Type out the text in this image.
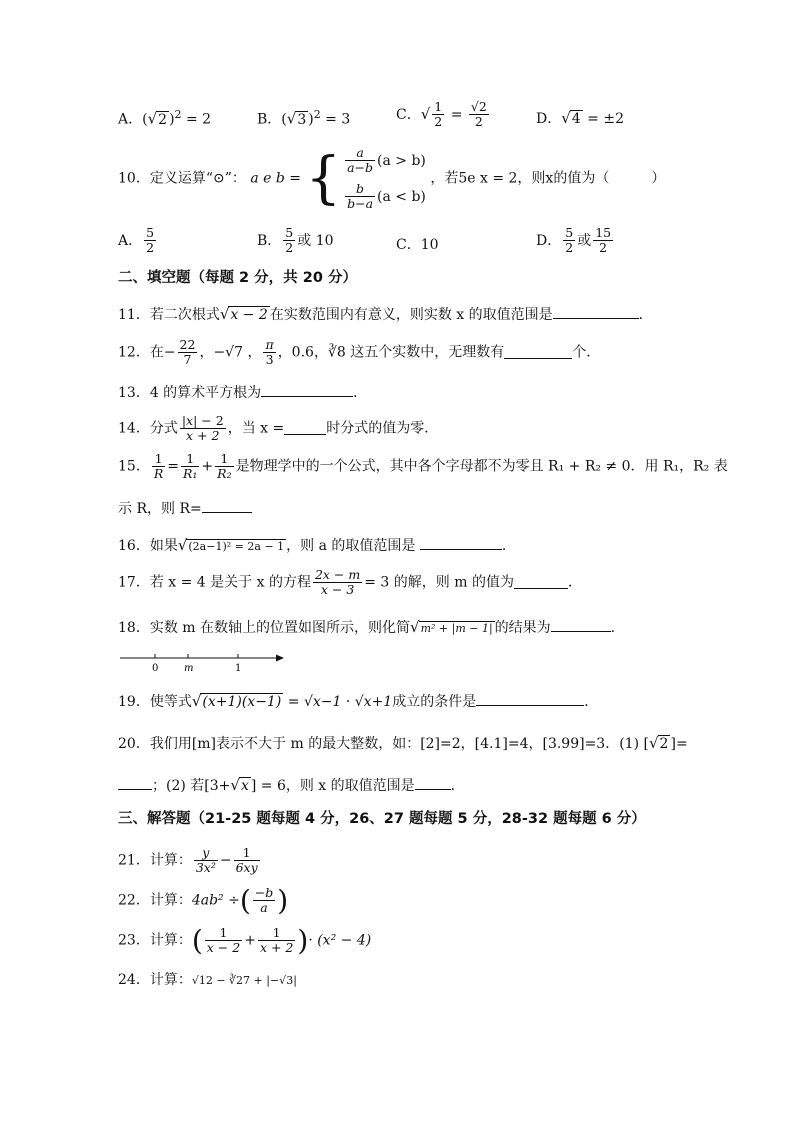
A．(√2 )$^2$ = 2	B．(√3 )$^2$ = 3	C．√ $\frac{1}{2} = \frac{√2}{2}$	D．√4 = ±2
10．定义运算“⊙”： a e b = { $\frac{a}{a-b} (a > b)$
$\frac{b}{b-a} (a < b)$
，若5e x = 2，则x的值为（　　　）
A． $\frac{5}{2}$	B． $\frac{5}{2}$ 或 10	C．10	D． $\frac{5}{2}$ 或 $\frac{15}{2}$
二、填空题（每题 2 分，共 20 分）
11．若二次根式√x − 2 在实数范围内有意义，则实数 x 的取值范围是	．
12．在− $\frac{22}{7}$ ，−√7 ， $\frac{\pi}{3}$ ，0.6，∛8 这五个实数中，无理数有	个．
13．4 的算术平方根为	．
14．分式 $\frac{|x| - 2}{x + 2}$ ，当 x =	时分式的值为零．
15． $\frac{1}{R} = \frac{1}{\text{R₁}} + \frac{1}{\text{R₂}}$ 是物理学中的一个公式，其中各个字母都不为零且 R₁ + R₂ ≠ 0．用 R₁，R₂ 表
示 R，则 R=
16．如果√(2a−1)² = 2a − 1 ，则 a 的取值范围是	.
17．若 x = 4 是关于 x 的方程 $\frac{2x - m}{x - 3} = 3$ 的解，则 m 的值为	．
18．实数 m 在数轴上的位置如图所示，则化简√m² + |m − 1| 的结果为	．
0	m	1
19．使等式√(x+1)(x−1) = √x−1 · √x+1成立的条件是	．
20．我们用[m]表示不大于 m 的最大整数，如：[2]=2，[4.1]=4，[3.99]=3．(1) [√2 ]=
；(2) 若[3+√x ] = 6，则 x 的取值范围是	．
三、解答题（21-25 题每题 4 分，26、27 题每题 5 分，28-32 题每题 6 分）
21．计算： $\frac{y}{\text{3x²}} - \frac{1}{6xy}$
22．计算：4ab² ÷( $\frac{-b}{a}$ )
23．计算：( $\frac{1}{x - 2} + \frac{1}{x + 2}$ )· (x² − 4)
24．计算：√12 − ∛27 + |−√3|
